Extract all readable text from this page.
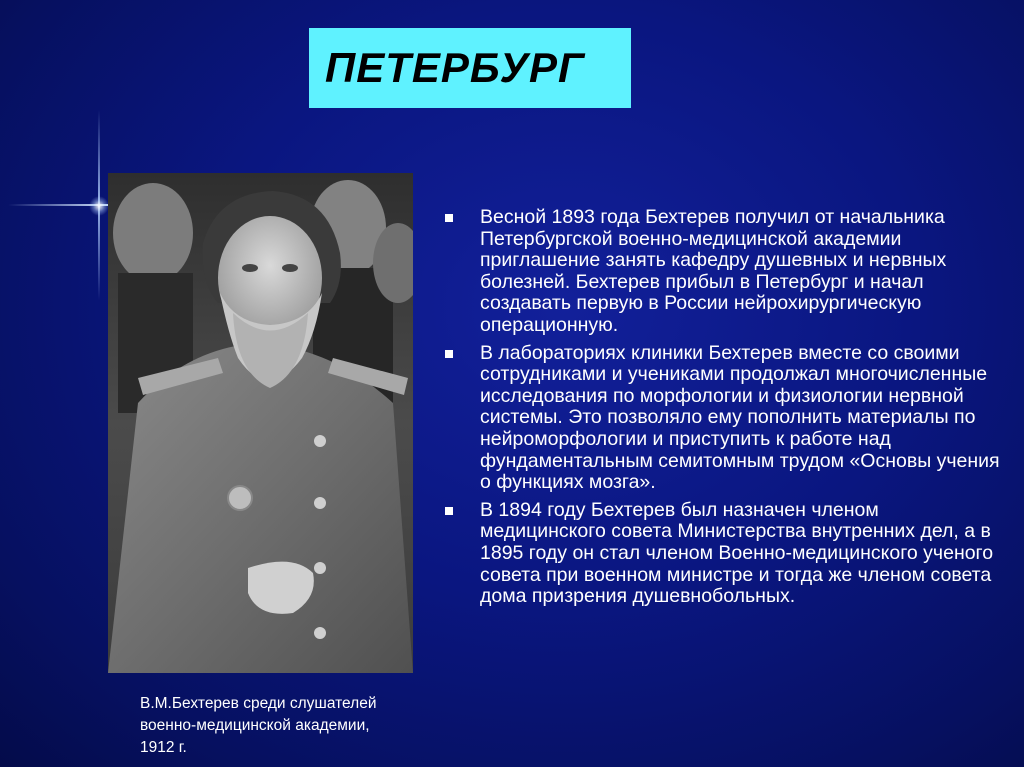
ПЕТЕРБУРГ
В.М.Бехтерев среди слушателей
военно-медицинской академии,
1912 г.
Весной 1893 года Бехтерев получил от начальника Петербургской военно-медицинской академии приглашение занять кафедру душевных и нервных болезней. Бехтерев прибыл в Петербург и начал создавать первую в России нейрохирургическую операционную.
В лабораториях клиники Бехтерев вместе со своими сотрудниками и учениками продолжал многочисленные исследования по морфологии и физиологии нервной системы. Это позволяло ему пополнить материалы по нейроморфологии и приступить к работе над фундаментальным семитомным трудом «Основы учения о функциях мозга».
В 1894 году Бехтерев был назначен членом медицинского совета Министерства внутренних дел, а в 1895 году он стал членом Военно-медицинского ученого совета при военном министре и тогда же членом совета дома призрения душевнобольных.
